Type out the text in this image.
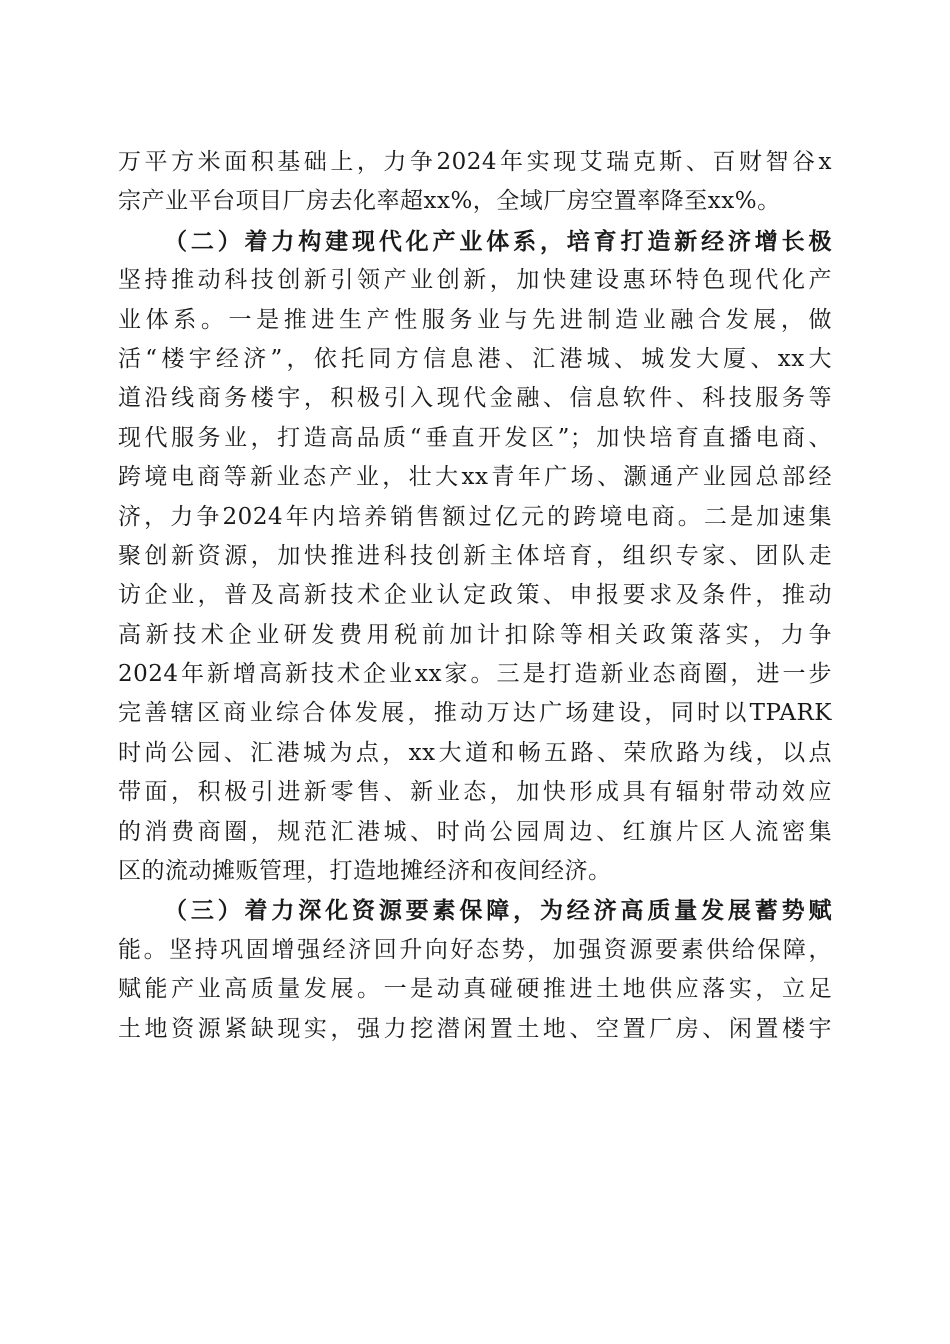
万平方米面积基础上，力争2024年实现艾瑞克斯、百财智谷x
宗产业平台项目厂房去化率超xx%，全域厂房空置率降至xx%。
（二）着力构建现代化产业体系，培育打造新经济增长极
坚持推动科技创新引领产业创新，加快建设惠环特色现代化产
业体系。一是推进生产性服务业与先进制造业融合发展，做
活“楼宇经济”，依托同方信息港、汇港城、城发大厦、xx大
道沿线商务楼宇，积极引入现代金融、信息软件、科技服务等
现代服务业，打造高品质“垂直开发区”；加快培育直播电商、
跨境电商等新业态产业，壮大xx青年广场、灏通产业园总部经
济，力争2024年内培养销售额过亿元的跨境电商。二是加速集
聚创新资源，加快推进科技创新主体培育，组织专家、团队走
访企业，普及高新技术企业认定政策、申报要求及条件，推动
高新技术企业研发费用税前加计扣除等相关政策落实，力争
2024年新增高新技术企业xx家。三是打造新业态商圈，进一步
完善辖区商业综合体发展，推动万达广场建设，同时以TPARK
时尚公园、汇港城为点，xx大道和畅五路、荣欣路为线，以点
带面，积极引进新零售、新业态，加快形成具有辐射带动效应
的消费商圈，规范汇港城、时尚公园周边、红旗片区人流密集
区的流动摊贩管理，打造地摊经济和夜间经济。
（三）着力深化资源要素保障，为经济高质量发展蓄势赋
能。坚持巩固增强经济回升向好态势，加强资源要素供给保障，
赋能产业高质量发展。一是动真碰硬推进土地供应落实，立足
土地资源紧缺现实，强力挖潜闲置土地、空置厂房、闲置楼宇
